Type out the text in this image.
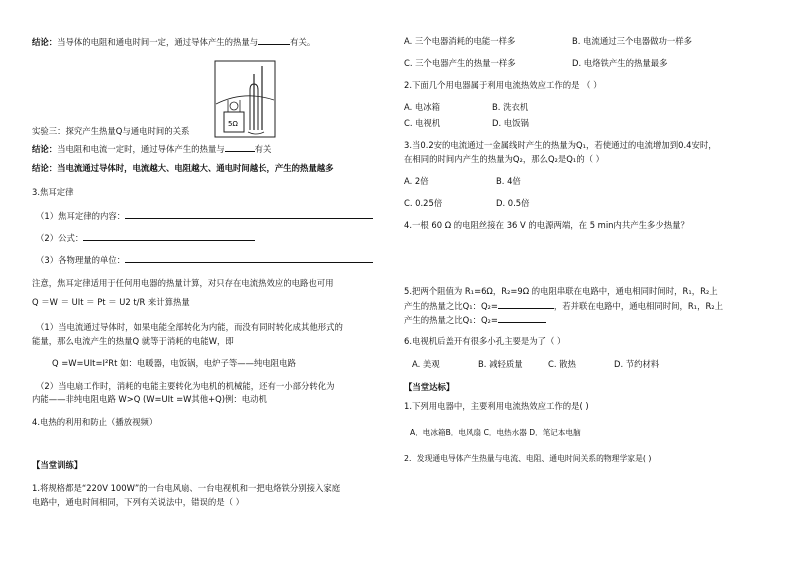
结论：当导体的电阻和通电时间一定，通过导体产生的热量与	有关。
5Ω
实验三：探究产生热量Q与通电时间的关系
结论：当电阻和电流一定时，通过导体产生的热量与	有关
结论：当电流通过导体时，电流越大、电阻越大、通电时间越长，产生的热量越多
3.焦耳定律
（1）焦耳定律的内容：
（2）公式：
（3）各物理量的单位：
注意，焦耳定律适用于任何用电器的热量计算，对只存在电流热效应的电路也可用
Q ＝W ＝ UIt ＝ Pt ＝ U2 t/R 来计算热量
（1）当电流通过导体时，如果电能全部转化为内能，而没有同时转化成其他形式的
能量，那么电流产生的热量Q 就等于消耗的电能W，即
Q =W=UIt=I²Rt 如：电暖器，电饭锅，电炉子等——纯电阻电路
（2）当电扇工作时，消耗的电能主要转化为电机的机械能，还有一小部分转化为
内能——非纯电阻电路 W>Q (W=UIt =W其他+Q)例：电动机
4.电热的利用和防止（播放视频）
【当堂训练】
1.将规格都是“220V 100W”的一台电风扇、一台电视机和一把电烙铁分别接入家庭
电路中，通电时间相同，下列有关说法中，错误的是（ ）
A. 三个电器消耗的电能一样多	B. 电流通过三个电器做功一样多
C. 三个电器产生的热量一样多	D. 电烙铁产生的热量最多
2.下面几个用电器属于利用电流热效应工作的是 （ ）
A. 电冰箱	B. 洗衣机
C. 电视机	D. 电饭锅
3.当0.2安的电流通过一金属线时产生的热量为Q₁，若使通过的电流增加到0.4安时，
在相同的时间内产生的热量为Q₂，那么Q₂是Q₁的（ ）
A. 2倍	B. 4倍
C. 0.25倍	D. 0.5倍
4.一根 60 Ω 的电阻丝接在 36 V 的电源两端，在 5 min内共产生多少热量？
5.把两个阻值为 R₁=6Ω，R₂=9Ω 的电阻串联在电路中，通电相同时间时，R₁，R₂上
产生的热量之比Q₁：Q₂=	，若并联在电路中，通电相同时间，R₁，R₂上
产生的热量之比Q₁：Q₂=
6.电视机后盖开有很多小孔主要是为了（ ）
A. 美观	B. 减轻质量	C. 散热	D. 节约材料
【当堂达标】
1.下列用电器中，主要利用电流热效应工作的是( )
A．电冰箱B．电风扇 C．电热水器 D．笔记本电脑
2．发现通电导体产生热量与电流、电阻、通电时间关系的物理学家是( )
